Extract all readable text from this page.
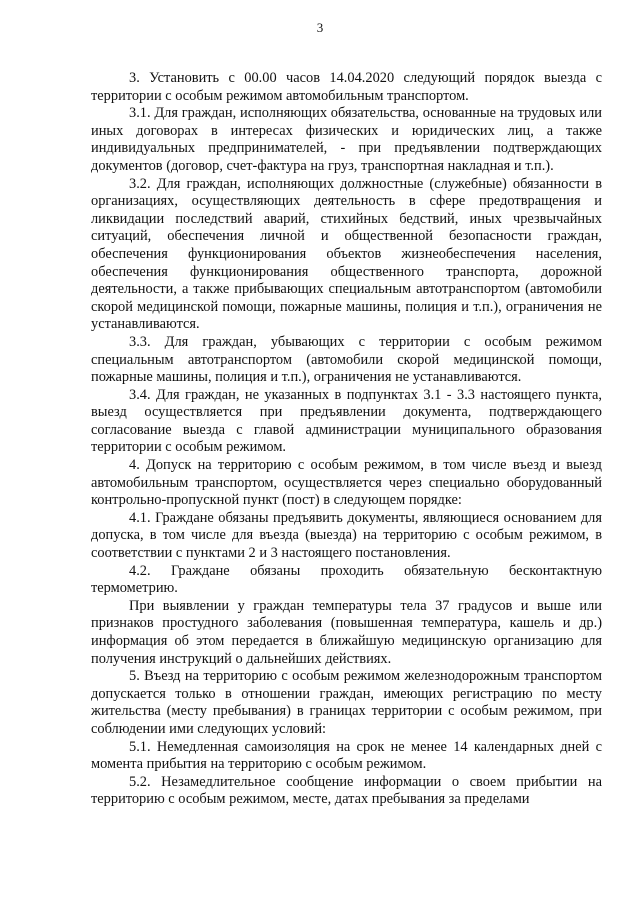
3

3. Установить с 00.00 часов 14.04.2020 следующий порядок выезда с территории с особым режимом автомобильным транспортом.

3.1. Для граждан, исполняющих обязательства, основанные на трудовых или иных договорах в интересах физических и юридических лиц, а также индивидуальных предпринимателей, - при предъявлении подтверждающих документов (договор, счет-фактура на груз, транспортная накладная и т.п.).

3.2. Для граждан, исполняющих должностные (служебные) обязанности в организациях, осуществляющих деятельность в сфере предотвращения и ликвидации последствий аварий, стихийных бедствий, иных чрезвычайных ситуаций, обеспечения личной и общественной безопасности граждан, обеспечения функционирования объектов жизнеобеспечения населения, обеспечения функционирования общественного транспорта, дорожной деятельности, а также прибывающих специальным автотранспортом (автомобили скорой медицинской помощи, пожарные машины, полиция и т.п.), ограничения не устанавливаются.

3.3. Для граждан, убывающих с территории с особым режимом специальным автотранспортом (автомобили скорой медицинской помощи, пожарные машины, полиция и т.п.), ограничения не устанавливаются.

3.4. Для граждан, не указанных в подпунктах 3.1 - 3.3 настоящего пункта, выезд осуществляется при предъявлении документа, подтверждающего согласование выезда с главой администрации муниципального образования территории с особым режимом.

4. Допуск на территорию с особым режимом, в том числе въезд и выезд автомобильным транспортом, осуществляется через специально оборудованный контрольно-пропускной пункт (пост) в следующем порядке:

4.1. Граждане обязаны предъявить документы, являющиеся основанием для допуска, в том числе для въезда (выезда) на территорию с особым режимом, в соответствии с пунктами 2 и 3 настоящего постановления.

4.2. Граждане обязаны проходить обязательную бесконтактную термометрию.

При выявлении у граждан температуры тела 37 градусов и выше или признаков простудного заболевания (повышенная температура, кашель и др.) информация об этом передается в ближайшую медицинскую организацию для получения инструкций о дальнейших действиях.

5. Въезд на территорию с особым режимом железнодорожным транспортом допускается только в отношении граждан, имеющих регистрацию по месту жительства (месту пребывания) в границах территории с особым режимом, при соблюдении ими следующих условий:

5.1. Немедленная самоизоляция на срок не менее 14 календарных дней с момента прибытия на территорию с особым режимом.

5.2. Незамедлительное сообщение информации о своем прибытии на территорию с особым режимом, месте, датах пребывания за пределами
